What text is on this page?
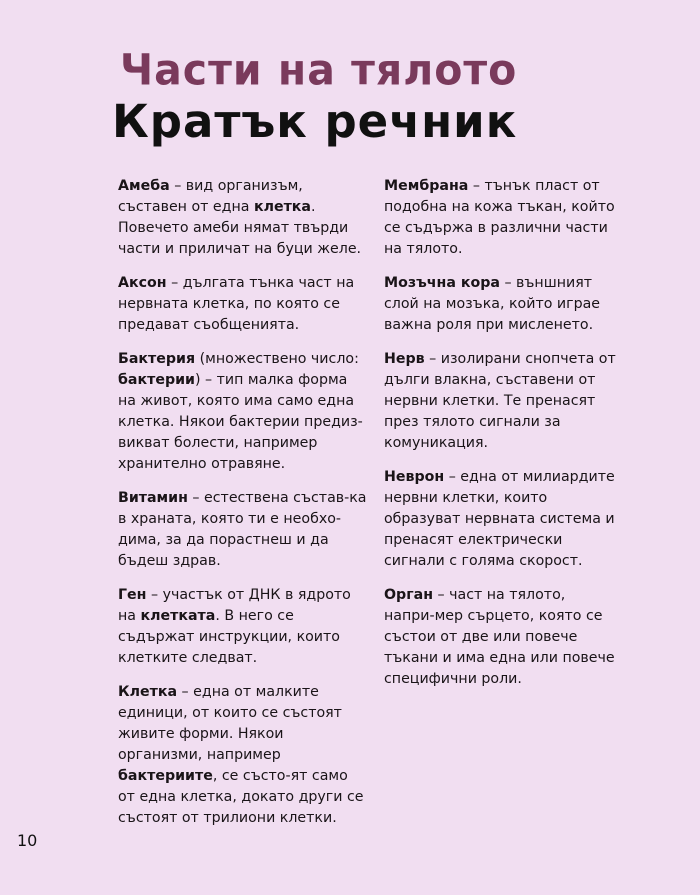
Части на тялото
Кратък речник

Амеба – вид организъм, съставен от една клетка. Повечето амеби нямат твърди части и приличат на буци желе.

Аксон – дългата тънка част на нервната клетка, по която се предават съобщенията.

Бактерия (множествено число: бактерии) – тип малка форма на живот, която има само една клетка. Някои бактерии предиз-викват болести, например хранително отравяне.

Витамин – естествена състав-ка в храната, която ти е необхо-дима, за да порастнеш и да бъдеш здрав.

Ген – участък от ДНК в ядрото на клетката. В него се съдържат инструкции, които клетките следват.

Клетка – една от малките единици, от които се състоят живите форми. Някои организми, например бактериите, се състо-ят само от една клетка, докато други се състоят от трилиони клетки.

Мембрана – тънък пласт от подобна на кожа тъкан, който се съдържа в различни части на тялото.

Мозъчна кора – външният слой на мозъка, който играе важна роля при мисленето.

Нерв – изолирани снопчета от дълги влакна, съставени от нервни клетки. Те пренасят през тялото сигнали за комуникация.

Неврон – една от милиардите нервни клетки, които образуват нервната система и пренасят електрически сигнали с голяма скорост.

Орган – част на тялото, напри-мер сърцето, която се състои от две или повече тъкани и има една или повече специфични роли.

10
